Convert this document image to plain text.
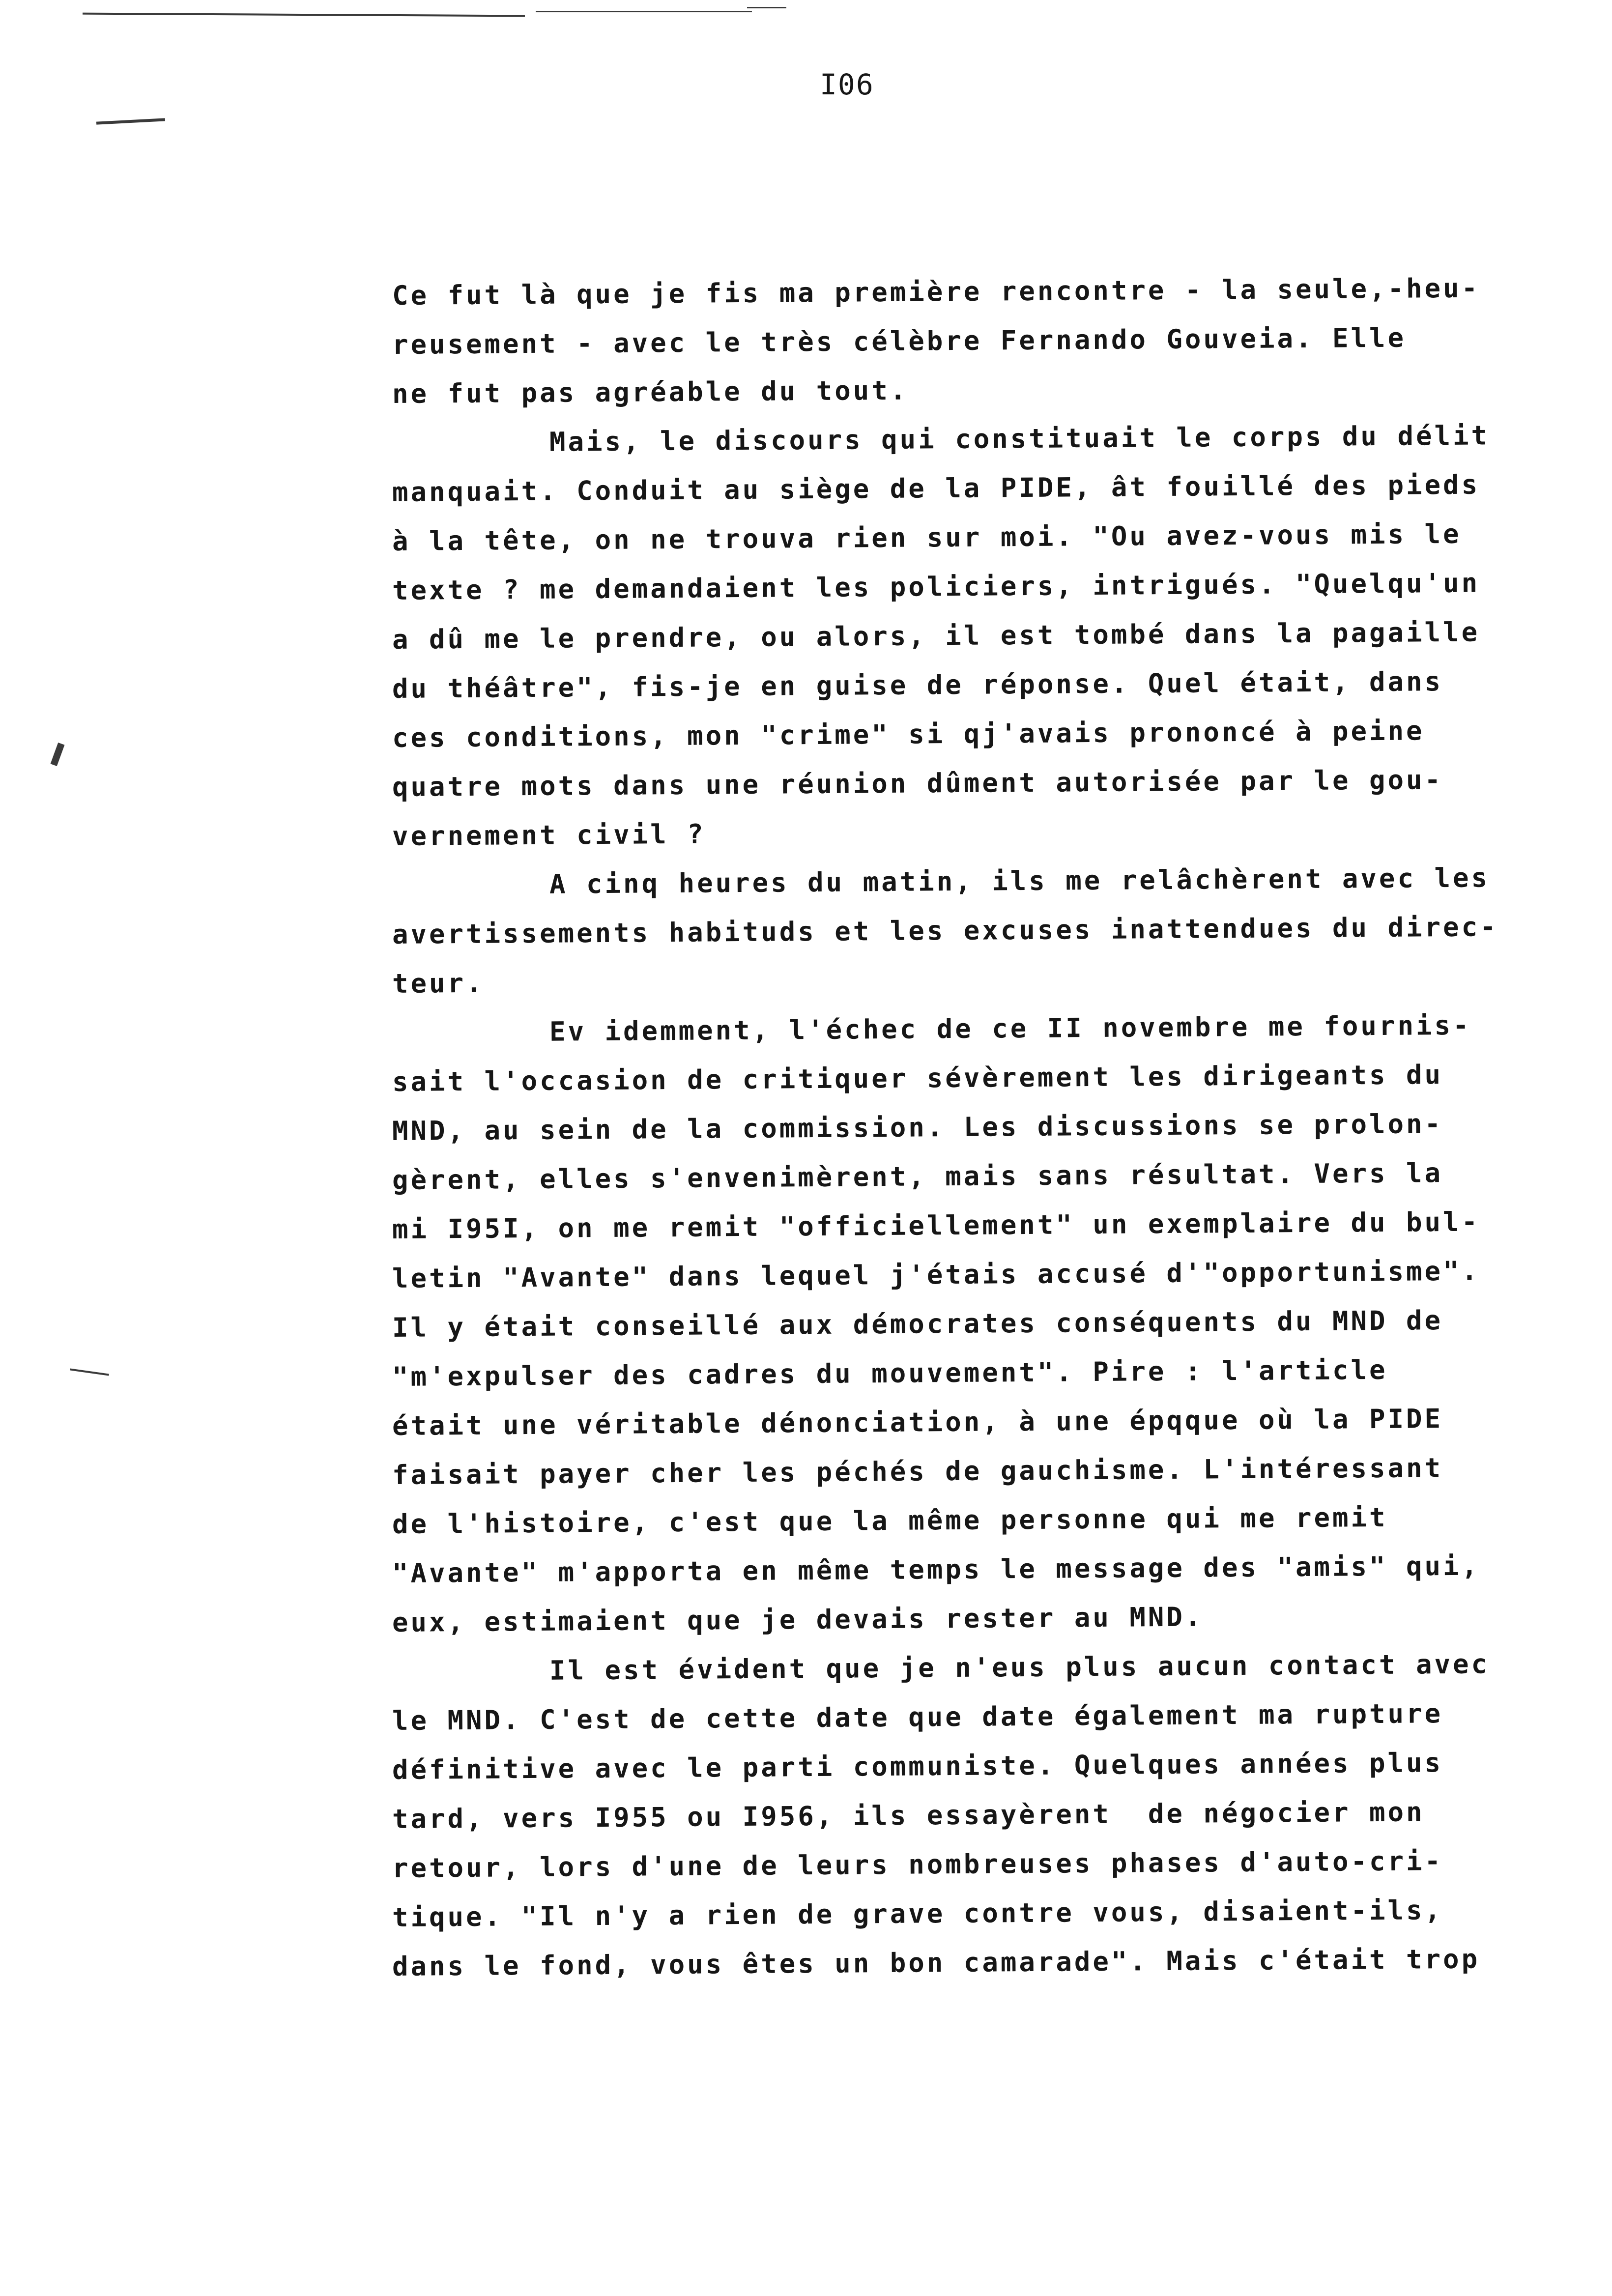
I06

Ce fut là que je fis ma première rencontre - la seule,-heu-
reusement - avec le très célèbre Fernando Gouveia. Elle
ne fut pas agréable du tout.
Mais, le discours qui constituait le corps du délit
manquait. Conduit au siège de la PIDE, ât fouillé des pieds
à la tête, on ne trouva rien sur moi. "Ou avez-vous mis le
texte ? me demandaient les policiers, intrigués. "Quelqu'un
a dû me le prendre, ou alors, il est tombé dans la pagaille
du théâtre", fis-je en guise de réponse. Quel était, dans
ces conditions, mon "crime" si qj'avais prononcé à peine
quatre mots dans une réunion dûment autorisée par le gou-
vernement civil ?
A cinq heures du matin, ils me relâchèrent avec les
avertissements habituds et les excuses inattendues du direc-
teur.
Ev idemment, l'échec de ce II novembre me fournis-
sait l'occasion de critiquer sévèrement les dirigeants du
MND, au sein de la commission. Les discussions se prolon-
gèrent, elles s'envenimèrent, mais sans résultat. Vers la
mi I95I, on me remit "officiellement" un exemplaire du bul-
letin "Avante" dans lequel j'étais accusé d'"opportunisme".
Il y était conseillé aux démocrates conséquents du MND de
"m'expulser des cadres du mouvement". Pire : l'article
était une véritable dénonciation, à une épqque où la PIDE
faisait payer cher les péchés de gauchisme. L'intéressant
de l'histoire, c'est que la même personne qui me remit
"Avante" m'apporta en même temps le message des "amis" qui,
eux, estimaient que je devais rester au MND.
Il est évident que je n'eus plus aucun contact avec
le MND. C'est de cette date que date également ma rupture
définitive avec le parti communiste. Quelques années plus
tard, vers I955 ou I956, ils essayèrent  de négocier mon
retour, lors d'une de leurs nombreuses phases d'auto-cri-
tique. "Il n'y a rien de grave contre vous, disaient-ils,
dans le fond, vous êtes un bon camarade". Mais c'était trop
